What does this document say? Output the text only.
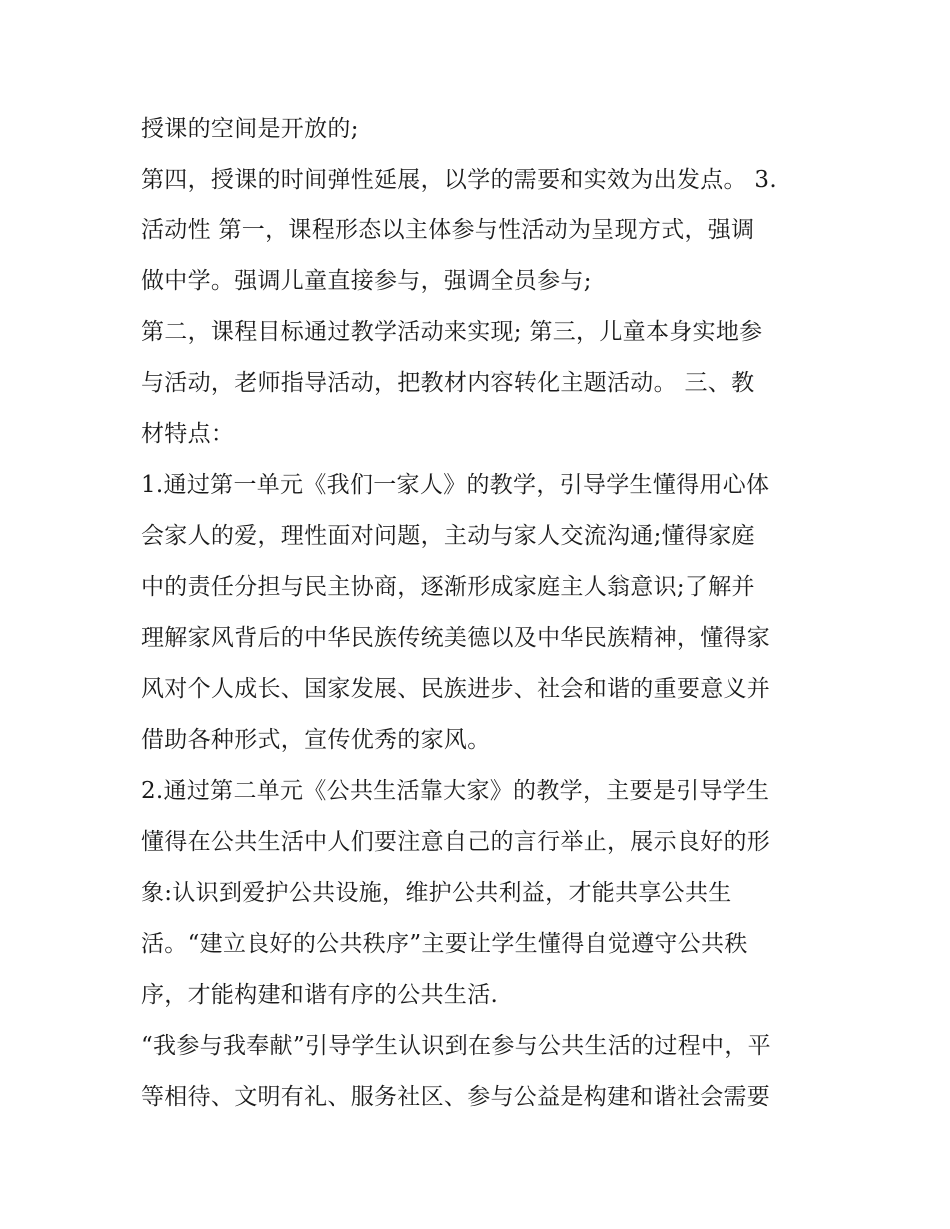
授课的空间是开放的;
第四，授课的时间弹性延展，以学的需要和实效为出发点。 3.
活动性 第一，课程形态以主体参与性活动为呈现方式，强调
做中学。强调儿童直接参与，强调全员参与;
第二，课程目标通过教学活动来实现; 第三，儿童本身实地参
与活动，老师指导活动，把教材内容转化主题活动。 三、教
材特点：
1.通过第一单元《我们一家人》的教学，引导学生懂得用心体
会家人的爱，理性面对问题，主动与家人交流沟通;懂得家庭
中的责任分担与民主协商，逐渐形成家庭主人翁意识;了解并
理解家风背后的中华民族传统美德以及中华民族精神，懂得家
风对个人成长、国家发展、民族进步、社会和谐的重要意义并
借助各种形式，宣传优秀的家风。
2.通过第二单元《公共生活靠大家》的教学，主要是引导学生
懂得在公共生活中人们要注意自己的言行举止，展示良好的形
象:认识到爱护公共设施，维护公共利益，才能共享公共生
活。“建立良好的公共秩序”主要让学生懂得自觉遵守公共秩
序，才能构建和谐有序的公共生活.
“我参与我奉献”引导学生认识到在参与公共生活的过程中，平
等相待、文明有礼、服务社区、参与公益是构建和谐社会需要
